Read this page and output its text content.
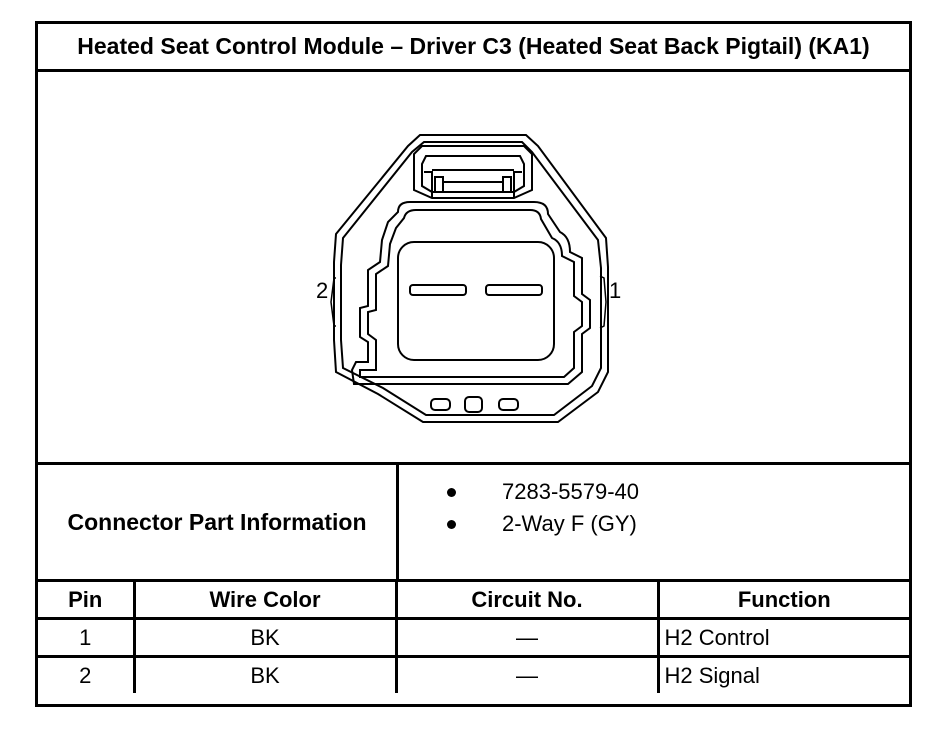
Heated Seat Control Module – Driver C3 (Heated Seat Back Pigtail) (KA1)
2	1
Connector Part Information
7283-5579-40
2-Way F (GY)
Pin	Wire Color	Circuit No.	Function
1	BK	—	H2 Control
2	BK	—	H2 Signal
